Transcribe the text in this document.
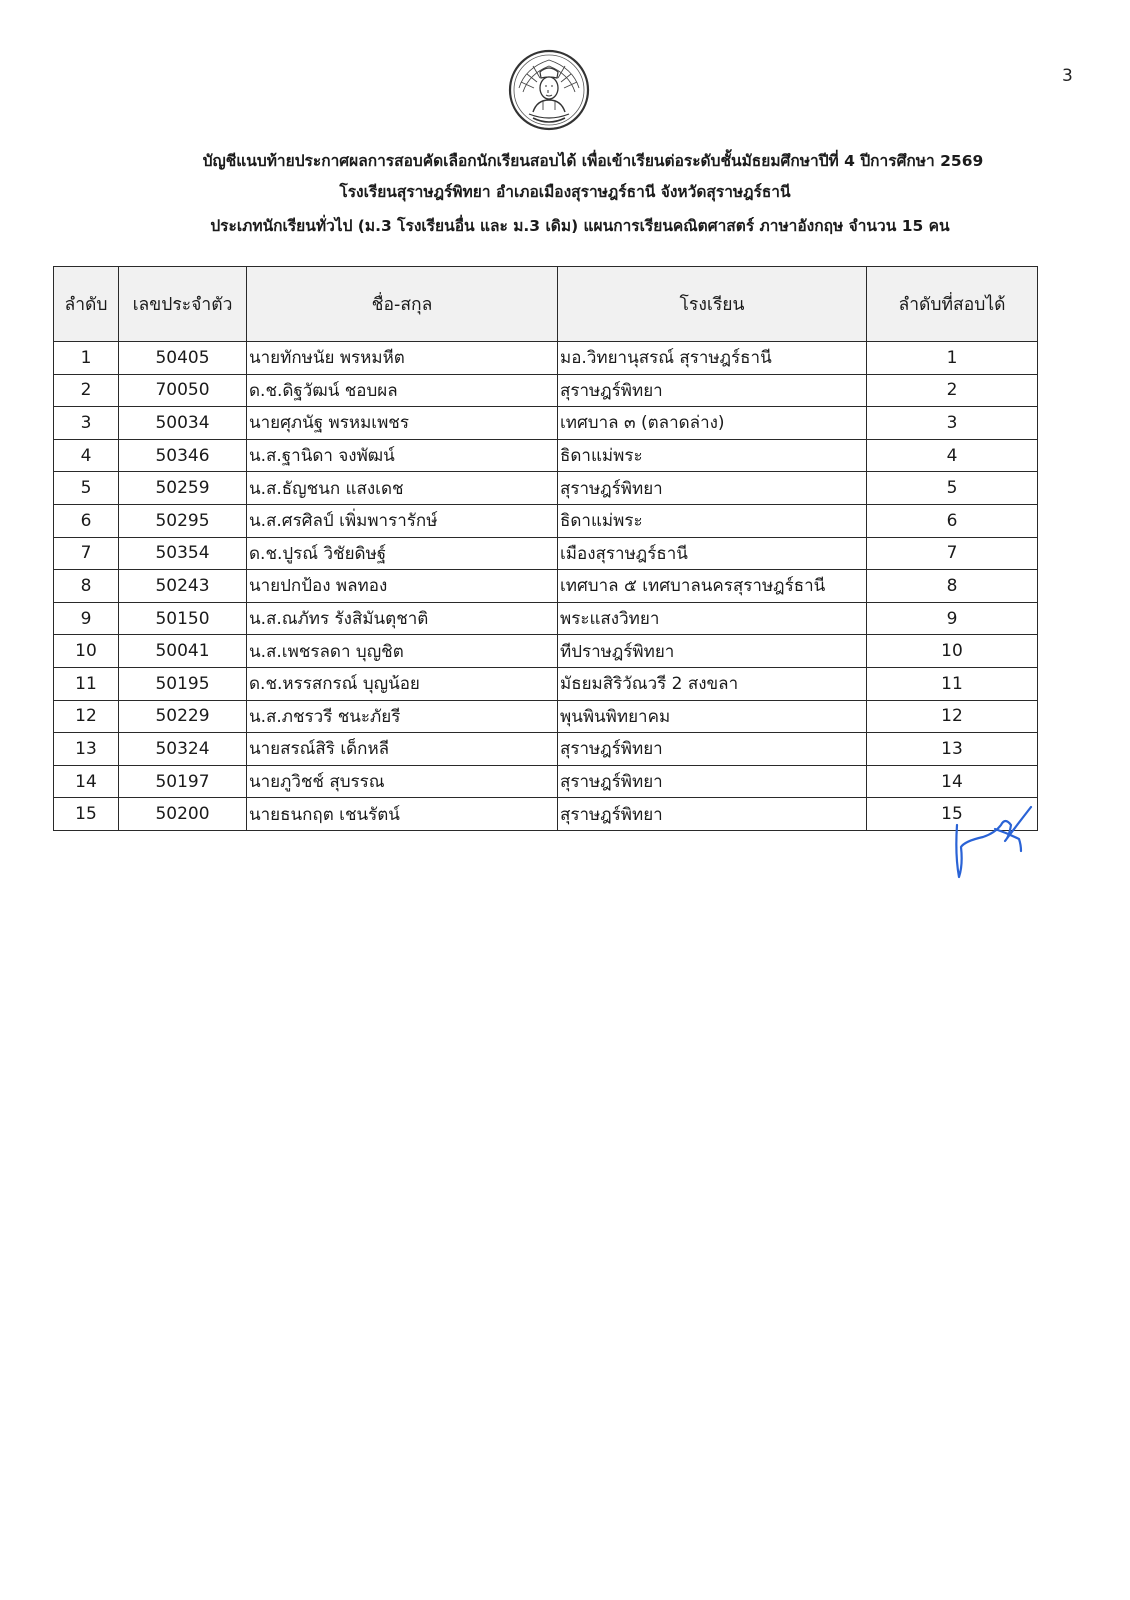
3
บัญชีแนบท้ายประกาศผลการสอบคัดเลือกนักเรียนสอบได้ เพื่อเข้าเรียนต่อระดับชั้นมัธยมศึกษาปีที่ 4 ปีการศึกษา 2569
โรงเรียนสุราษฎร์พิทยา อำเภอเมืองสุราษฎร์ธานี จังหวัดสุราษฎร์ธานี
ประเภทนักเรียนทั่วไป (ม.3 โรงเรียนอื่น และ ม.3 เดิม) แผนการเรียนคณิตศาสตร์ ภาษาอังกฤษ จำนวน 15 คน
ลำดับ	เลขประจำตัว	ชื่อ-สกุล	โรงเรียน	ลำดับที่สอบได้
1	50405	นายทักษนัย พรหมหีต	มอ.วิทยานุสรณ์ สุราษฎร์ธานี	1
2	70050	ด.ช.ดิฐวัฒน์ ชอบผล	สุราษฎร์พิทยา	2
3	50034	นายศุภนัฐ พรหมเพชร	เทศบาล ๓ (ตลาดล่าง)	3
4	50346	น.ส.ฐานิดา จงพัฒน์	ธิดาแม่พระ	4
5	50259	น.ส.ธัญชนก แสงเดช	สุราษฎร์พิทยา	5
6	50295	น.ส.ศรศิลป์ เพิ่มพารารักษ์	ธิดาแม่พระ	6
7	50354	ด.ช.ปูรณ์ วิชัยดิษฐ์	เมืองสุราษฎร์ธานี	7
8	50243	นายปกป้อง พลทอง	เทศบาล ๕ เทศบาลนครสุราษฎร์ธานี	8
9	50150	น.ส.ณภัทร รังสิมันตุชาติ	พระแสงวิทยา	9
10	50041	น.ส.เพชรลดา บุญชิต	ทีปราษฎร์พิทยา	10
11	50195	ด.ช.หรรสกรณ์ บุญน้อย	มัธยมสิริวัณวรี 2 สงขลา	11
12	50229	น.ส.ภชรวรี ชนะภัยรี	พุนพินพิทยาคม	12
13	50324	นายสรณ์สิริ เด็กหลี	สุราษฎร์พิทยา	13
14	50197	นายภูวิชช์ สุบรรณ	สุราษฎร์พิทยา	14
15	50200	นายธนกฤต เชนรัตน์	สุราษฎร์พิทยา	15
